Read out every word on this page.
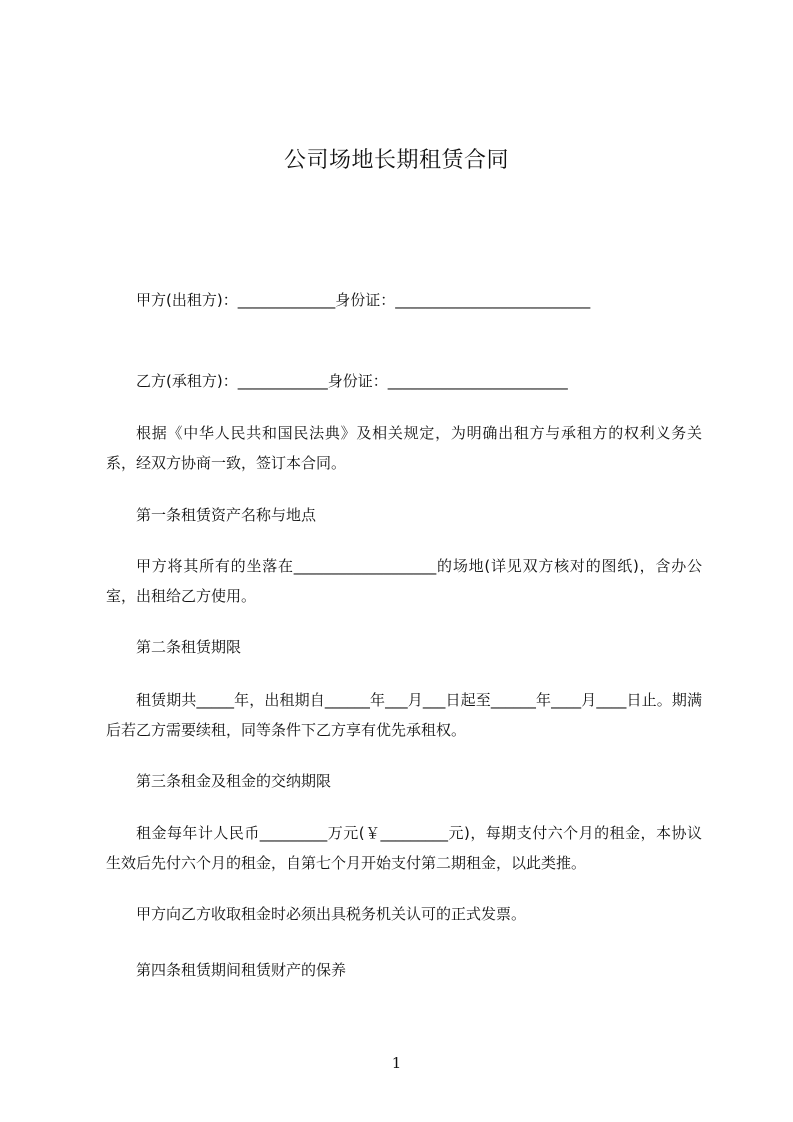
公司场地长期租赁合同
甲方(出租方)：_____________身份证：__________________________
乙方(承租方)：____________身份证：________________________
根据《中华人民共和国民法典》及相关规定，为明确出租方与承租方的权利义务关系，经双方协商一致，签订本合同。
第一条租赁资产名称与地点
甲方将其所有的坐落在___________________的场地(详见双方核对的图纸)，含办公室，出租给乙方使用。
第二条租赁期限
租赁期共_____年，出租期自______年___月___日起至______年____月____日止。期满后若乙方需要续租，同等条件下乙方享有优先承租权。
第三条租金及租金的交纳期限
租金每年计人民币_________万元(￥_________元)，每期支付六个月的租金，本协议生效后先付六个月的租金，自第七个月开始支付第二期租金，以此类推。
甲方向乙方收取租金时必须出具税务机关认可的正式发票。
第四条租赁期间租赁财产的保养
1
